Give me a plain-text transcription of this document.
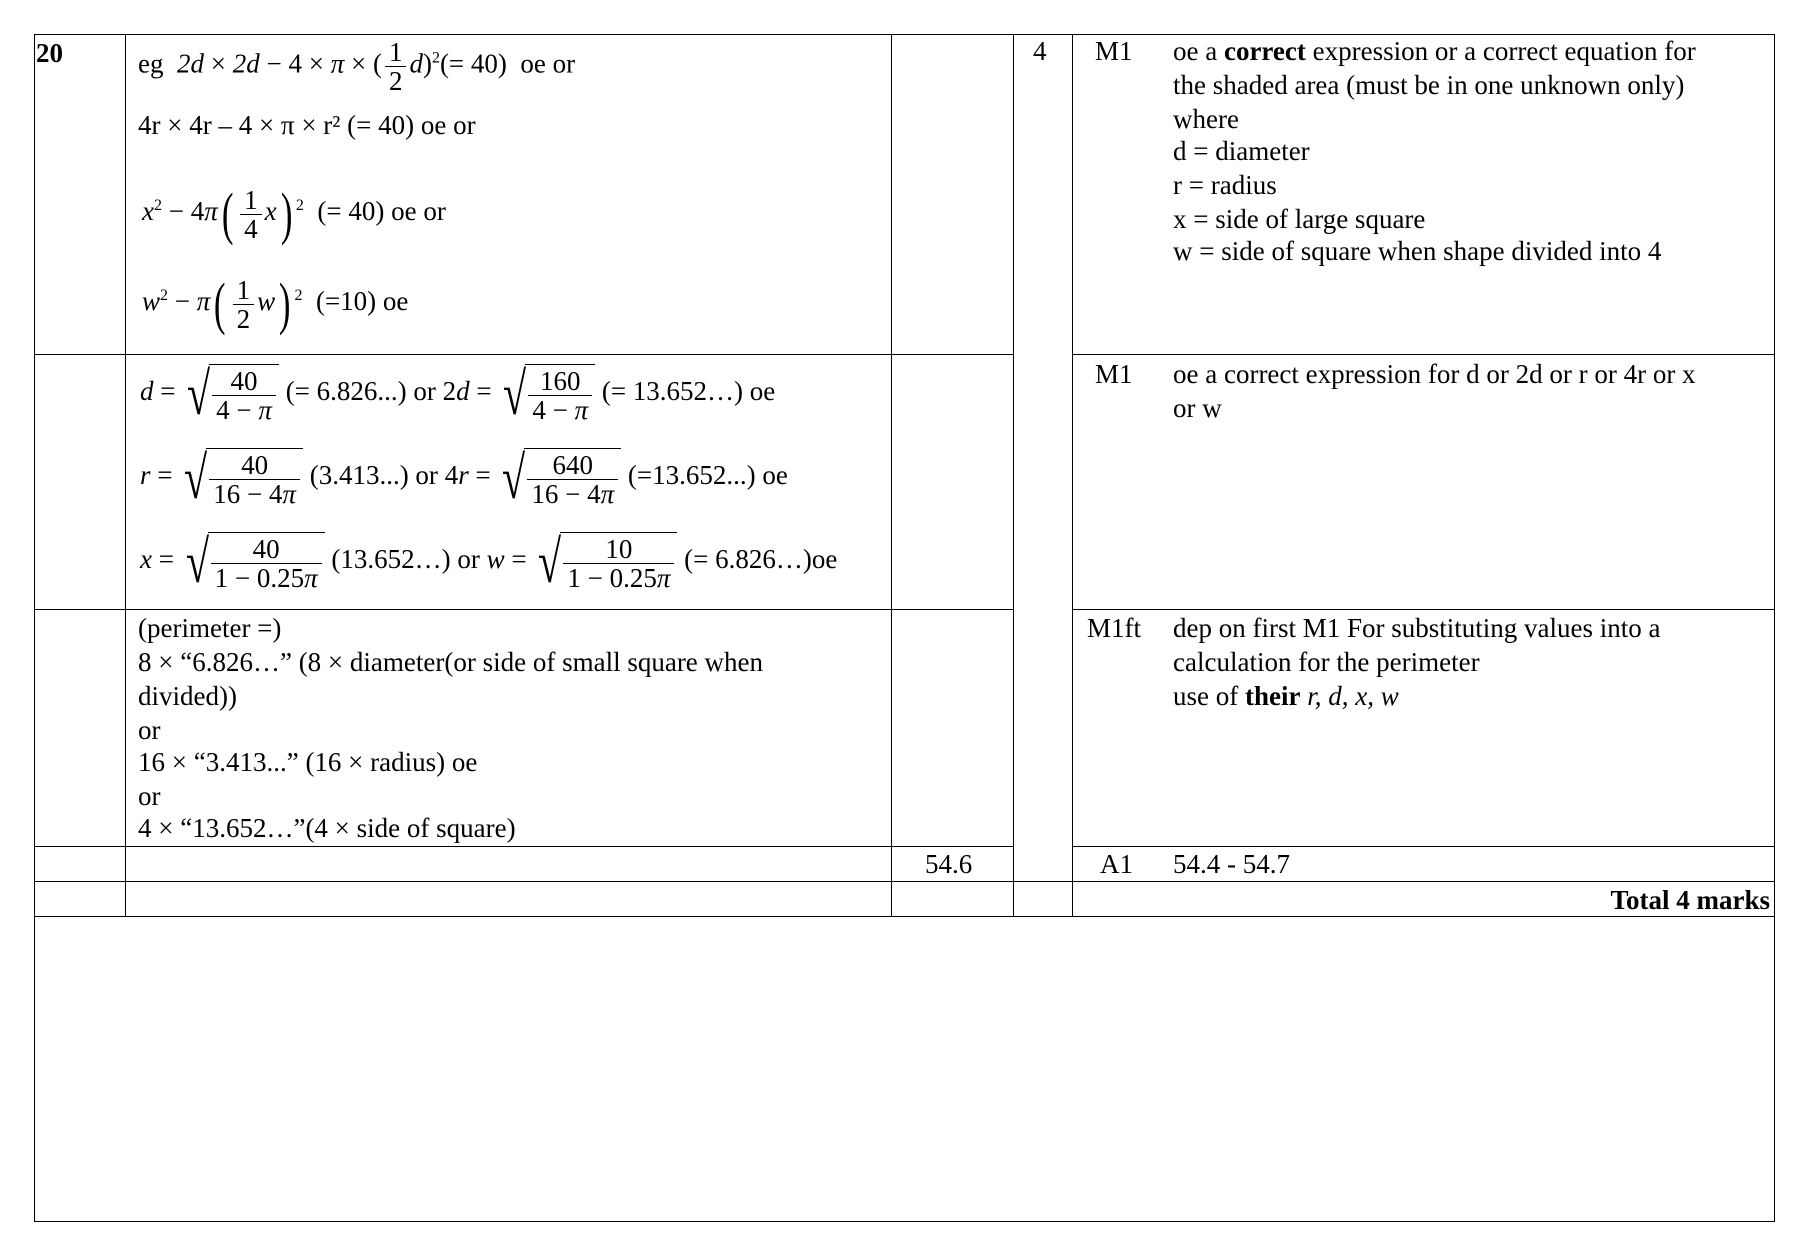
20	eg  2d × 2d − 4 × π × ( $\frac{1}{2} d)^2(= 40)$  oe or
4r × 4r – 4 × π × r² (= 40) oe or
$x^2 - 4\pi( \frac{1}{4} x)$ $^2$ (= 40) oe or
$w^2 - \pi( \frac{1}{2} w)$ $^2$ (=10) oe
d = √ $\frac{40}{4 - \pi}$ (= 6.826...) or 2d = √ $\frac{160}{4 - \pi}$ (= 13.652…) oe
r = √ $\frac{40}{16 - 4\pi} (3.413...)$ or 4r = √ $\frac{640}{16 - 4\pi} (=13.652...)$ oe
x = √ $\frac{40}{1 - 0.25\pi}$ (13.652…) or w = √ $\frac{10}{1 - 0.25\pi}$ (= 6.826…)oe
(perimeter =)
8 × “6.826…” (8 × diameter(or side of small square when
divided))
or
16 × “3.413...” (16 × radius) oe
or
4 × “13.652…”(4 × side of square)
54.6
4 M1
M1
M1ft
A1
oe a correct expression or a correct equation for
the shaded area (must be in one unknown only)
where
d = diameter
r = radius
x = side of large square
w = side of square when shape divided into 4
oe a correct expression for d or 2d or r or 4r or x
or w
dep on first M1 For substituting values into a
calculation for the perimeter
use of their r, d, x, w
54.4 - 54.7
Total 4 marks
